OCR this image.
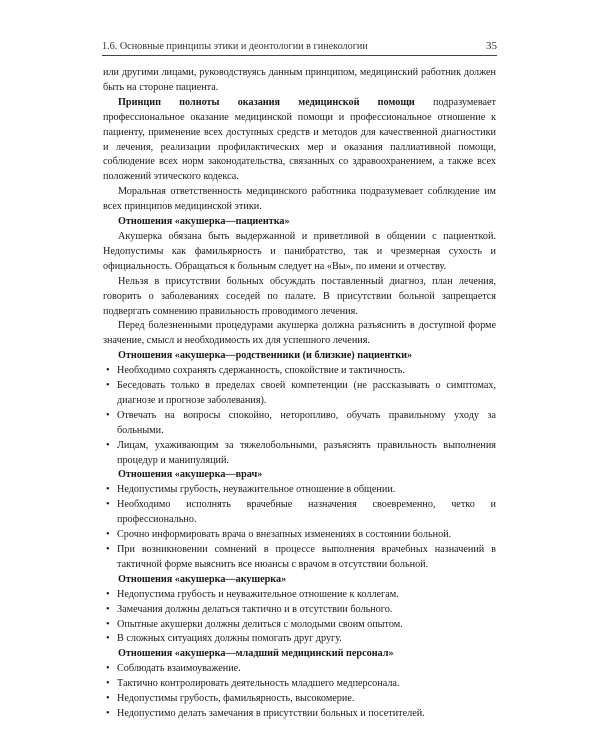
1.6. Основные принципы этики и деонтологии в гинекологии	35

или другими лицами, руководствуясь данным принципом, медицинский работник должен быть на стороне пациента.

Принцип полноты оказания медицинской помощи подразумевает профессиональное оказание медицинской помощи и профессиональное отношение к пациенту, применение всех доступных средств и методов для качественной диагностики и лечения, реализации профилактических мер и оказания паллиативной помощи, соблюдение всех норм законодательства, связанных со здравоохранением, а также всех положений этического кодекса.

Моральная ответственность медицинского работника подразумевает соблюдение им всех принципов медицинской этики.

Отношения «акушерка—пациентка»

Акушерка обязана быть выдержанной и приветливой в общении с пациенткой. Недопустимы как фамильярность и панибратство, так и чрезмерная сухость и официальность. Обращаться к больным следует на «Вы», по имени и отчеству.

Нельзя в присутствии больных обсуждать поставленный диагноз, план лечения, говорить о заболеваниях соседей по палате. В присутствии больной запрещается подвергать сомнению правильность проводимого лечения.

Перед болезненными процедурами акушерка должна разъяснить в доступной форме значение, смысл и необходимость их для успешного лечения.

Отношения «акушерка—родственники (и близкие) пациентки»

• Необходимо сохранять сдержанность, спокойствие и тактичность.
• Беседовать только в пределах своей компетенции (не рассказывать о симптомах, диагнозе и прогнозе заболевания).
• Отвечать на вопросы спокойно, неторопливо, обучать правильному уходу за больными.
• Лицам, ухаживающим за тяжелобольными, разъяснять правильность выполнения процедур и манипуляций.

Отношения «акушерка—врач»

• Недопустимы грубость, неуважительное отношение в общении.
• Необходимо исполнять врачебные назначения своевременно, четко и профессионально.
• Срочно информировать врача о внезапных изменениях в состоянии больной.
• При возникновении сомнений в процессе выполнения врачебных назначений в тактичной форме выяснить все нюансы с врачом в отсутствии больной.

Отношения «акушерка—акушерка»

• Недопустима грубость и неуважительное отношение к коллегам.
• Замечания должны делаться тактично и в отсутствии больного.
• Опытные акушерки должны делиться с молодыми своим опытом.
• В сложных ситуациях должны помогать друг другу.

Отношения «акушерка—младший медицинский персонал»

• Соблюдать взаимоуважение.
• Тактично контролировать деятельность младшего медперсонала.
• Недопустимы грубость, фамильярность, высокомерие.
• Недопустимо делать замечания в присутствии больных и посетителей.
